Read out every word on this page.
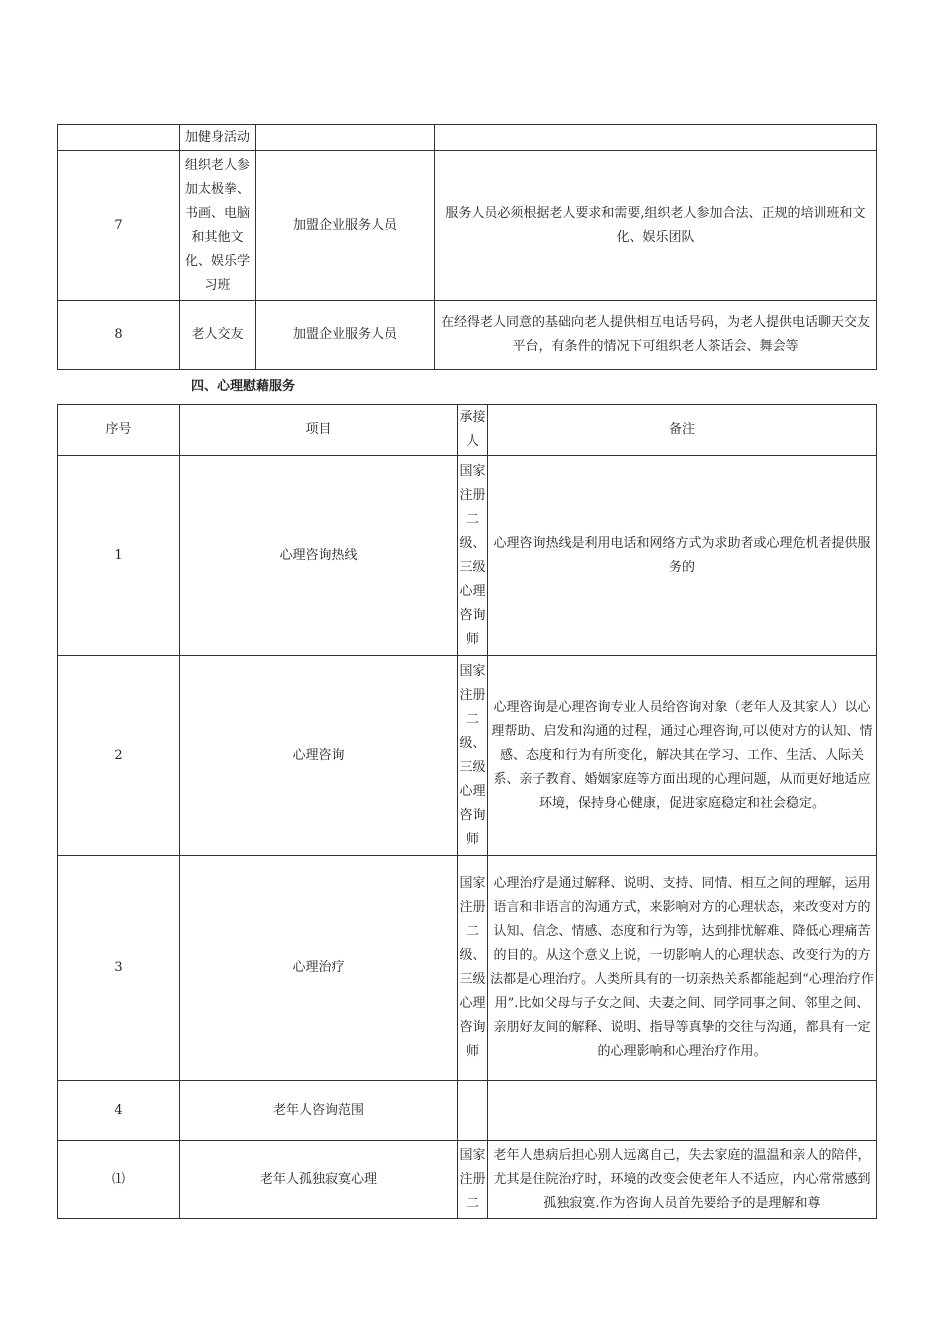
	加健身活动		
7	组织老人参加太极拳、书画、电脑和其他文化、娱乐学习班	加盟企业服务人员	服务人员必须根据老人要求和需要,组织老人参加合法、正规的培训班和文化、娱乐团队
8	老人交友	加盟企业服务人员	在经得老人同意的基础向老人提供相互电话号码，为老人提供电话聊天交友平台，有条件的情况下可组织老人茶话会、舞会等
四、心理慰藉服务
序号	项目	承接人	备注
1	心理咨询热线	国家注册二级、三级心理咨询师	心理咨询热线是利用电话和网络方式为求助者或心理危机者提供服务的
2	心理咨询	国家注册二级、三级心理咨询师	心理咨询是心理咨询专业人员给咨询对象（老年人及其家人）以心理帮助、启发和沟通的过程，通过心理咨询,可以使对方的认知、情感、态度和行为有所变化，解决其在学习、工作、生活、人际关系、亲子教育、婚姻家庭等方面出现的心理问题，从而更好地适应环境，保持身心健康，促进家庭稳定和社会稳定。
3	心理治疗	国家注册二级、三级心理咨询师	心理治疗是通过解释、说明、支持、同情、相互之间的理解，运用语言和非语言的沟通方式，来影响对方的心理状态，来改变对方的认知、信念、情感、态度和行为等，达到排忧解难、降低心理痛苦的目的。从这个意义上说，一切影响人的心理状态、改变行为的方法都是心理治疗。人类所具有的一切亲热关系都能起到“心理治疗作用”.比如父母与子女之间、夫妻之间、同学同事之间、邻里之间、亲朋好友间的解释、说明、指导等真挚的交往与沟通，都具有一定的心理影响和心理治疗作用。
4	老年人咨询范围		
⑴	老年人孤独寂寞心理	国家注册二	老年人患病后担心别人远离自己，失去家庭的温温和亲人的陪伴，尤其是住院治疗时，环境的改变会使老年人不适应，内心常常感到孤独寂寞.作为咨询人员首先要给予的是理解和尊
